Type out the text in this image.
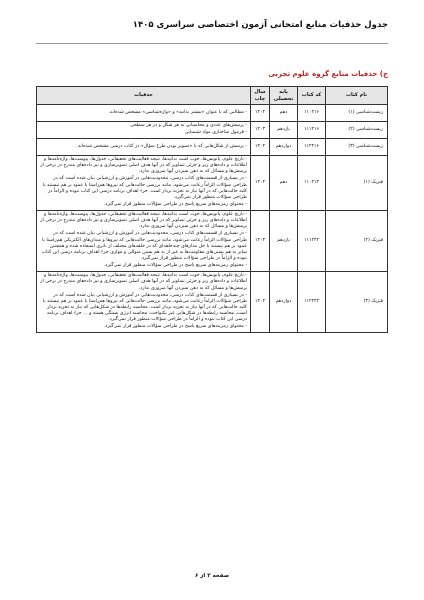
جدول حذفیات منابع امتحانی آزمون اختصاصی سراسری ۱۴۰۵
ج) حذفیات منابع گروه علوم تجربی
نام کتاب	کد کتاب	پایه تحصیلی	سال چاپ	حذفیات
زیست‌شناسی (۱)	۱۱۰۲۱۶	دهم	۱۴۰۲	- مطالبی که با عنوان «بیشتر بدانید» و «واژه‌شناسی» مشخص شده‌اند.

زیست‌شناسی (۲)	۱۱۱۲۱۶	یازدهم	۱۴۰۳	- پرسش‌های عددی و محاسباتی به هر شکل و در هر سطحی
- فرمول ساختاری مواد شیمیایی

زیست‌شناسی (۳)	۱۱۲۲۱۶	دوازدهم	۱۴۰۴	- پرسش از شکل‌هایی که با «تصویر بودن طرح سؤال» در کتاب درسی مشخص شده‌اند.

فیزیک (۱)	۱۱۰۲۱۴	دهم	۱۴۰۲	- تاریخ علوم، پانویس‌ها، خوب است بدانید‌ها، نتیجه فعالیت‌های تحقیقاتی، جدول‌ها، پیوست‌ها، واژه‌نامه‌ها و اطلاعات و داده‌های ریز و جزئی تصاویر که در آنها هدف اصلی تصویرسازی و نیز داده‌های مندرج در برخی از پرسش‌ها و مسائل که به ذهن سپردن آنها ضروری ندارد.
- در بسیاری از قسمت‌های کتاب درسی، محدودیت‌هایی در آموزش و ارزشیابی بیان شده است که در طراحی سؤالات الزاماً رعایت می‌شود، مانند بررسی حالت‌هایی که نیروها هم‌راستا یا عمود بر هم نیستند یا کلیه حالت‌هایی که در آنها نیاز به تجزیه بردار است. جزء اهداف برنامه درسی این کتاب نبوده و الزاماً در طراحی سؤالات منظور قرار نمی‌گیرد.
- محتوای رمزینه‌های سریع پاسخ در طراحی سؤالات منظور قرار نمی‌گیرد.

فیزیک (۲)	۱۱۱۲۴۴	یازدهم	۱۴۰۳	- تاریخ علوم، پانویس‌ها، خوب است بدانید‌ها، نتیجه فعالیت‌های تحقیقاتی، جدول‌ها، پیوست‌ها، واژه‌نامه‌ها و اطلاعات و داده‌های ریز و جزئی تصاویر که در آنها هدف اصلی تصویرسازی و نیز داده‌های مندرج در برخی از پرسش‌ها و مسائل که به ذهن سپردن آنها ضروری ندارد.
- در بسیاری از قسمت‌های کتاب درسی، محدودیت‌هایی در آموزش و ارزشیابی بیان شده است که در طراحی سؤالات الزاماً رعایت می‌شود، مانند بررسی حالت‌هایی که نیروها و میدان‌های الکتریکی هم‌راستا یا عمود بر هم نیستند یا حل مدارهای چندحلقه‌ای که در حلقه‌های مختلف از باتری استفاده شده و همچنین سایر به هم بستن‌های مقاومت‌ها به غیر از به هم بستن متوالی و موازی جزء اهداف برنامه درسی این کتاب نبوده و الزاماً در طراحی سؤالات منظور قرار نمی‌گیرد.
- محتوای رمزینه‌های سریع پاسخ در طراحی سؤالات منظور قرار نمی‌گیرد.

فیزیک (۳)	۱۱۲۲۴۴	دوازدهم	۱۴۰۴	- تاریخ علوم، پانویس‌ها، خوب است بدانید‌ها، نتیجه فعالیت‌های تحقیقاتی، جدول‌ها، پیوست‌ها، واژه‌نامه‌ها و اطلاعات و داده‌های ریز و جزئی تصاویر که در آنها هدف اصلی تصویرسازی و نیز داده‌های مندرج در برخی از پرسش‌ها و مسائل که به ذهن سپردن آنها ضروری ندارد.
- در بسیاری از قسمت‌های کتاب درسی، محدودیت‌هایی در آموزش و ارزشیابی بیان شده است که در طراحی سؤالات الزاماً رعایت می‌شود، مانند بررسی حالت‌هایی که نیروها هم‌راستا یا عمود بر هم نیستند یا کلیه حالت‌هایی که در آنها نیاز به تجزیه بردار است. محاسبه رابطه‌ها در شکل‌هایی که نیاز به تجزیه بردار است، محاسبه رابطه‌ها در شکل‌هایی غیر یکنواخت، محاسبه انرژی بستگی هسته و ... جزء اهداف برنامه درسی این کتاب نبوده و الزاماً در طراحی سؤالات منظور قرار نمی‌گیرد.
- محتوای رمزینه‌های سریع پاسخ در طراحی سؤالات منظور قرار نمی‌گیرد.
صفحه ۳ از ۶
